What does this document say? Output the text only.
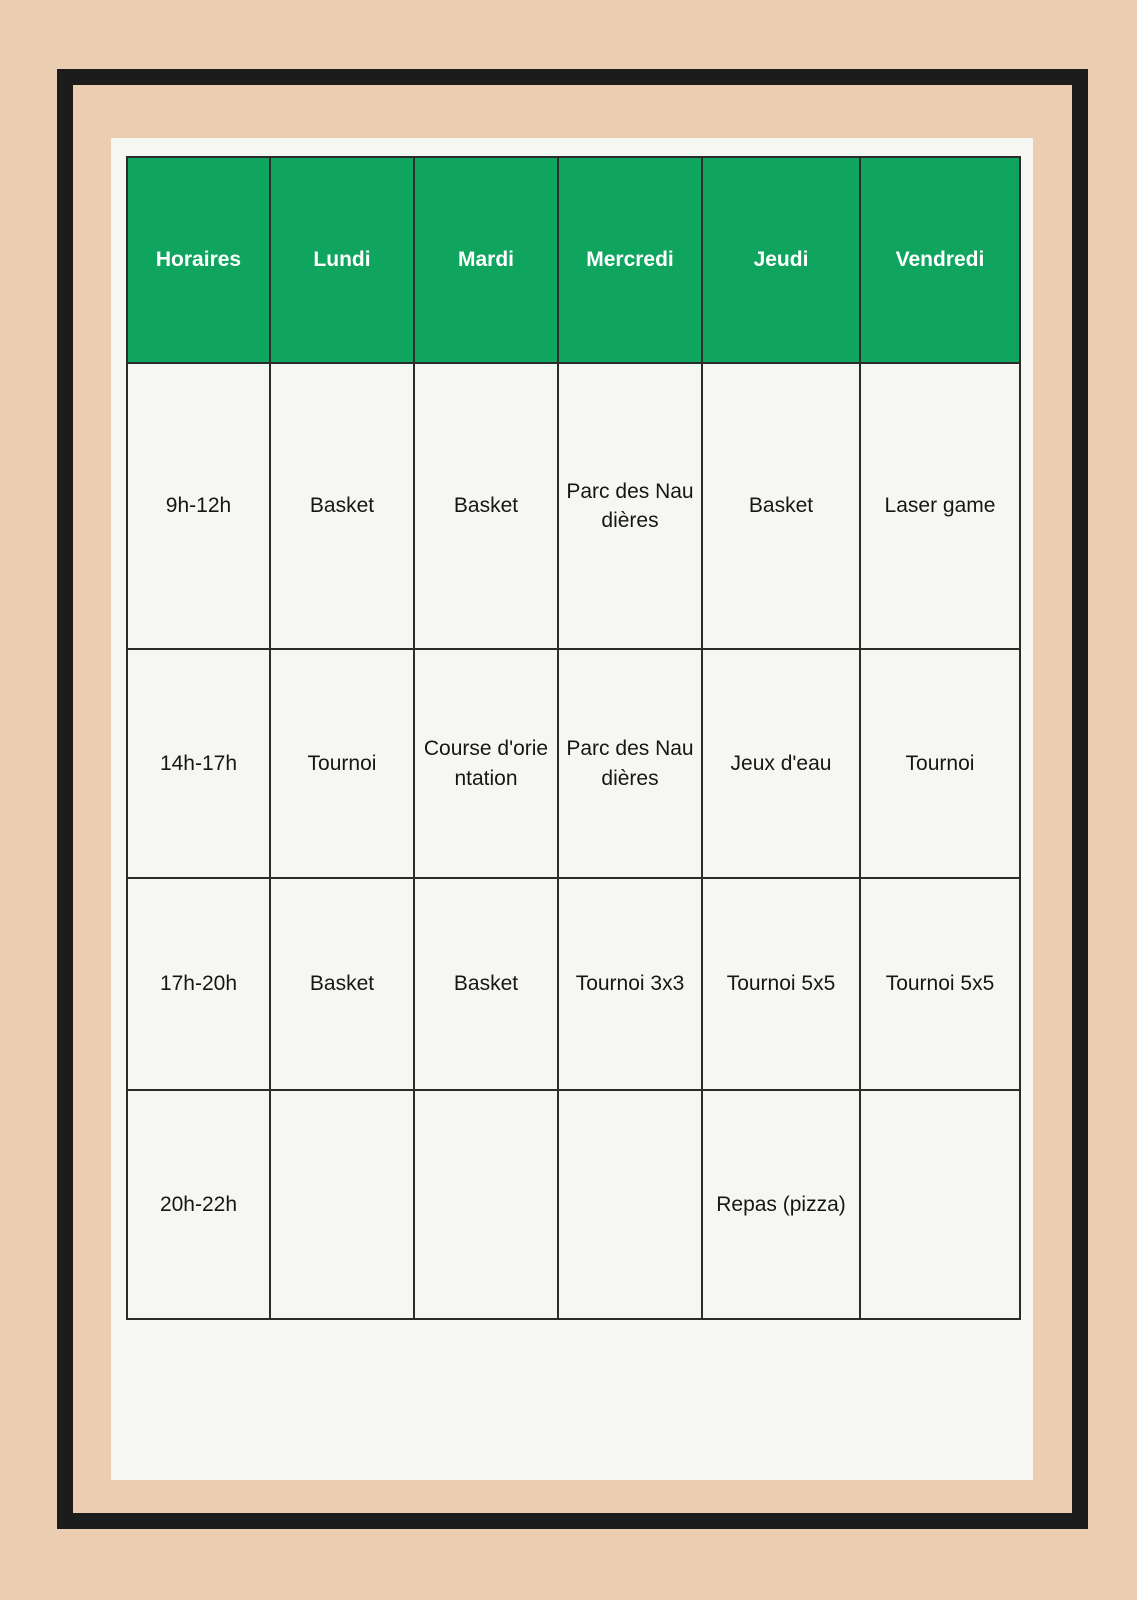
Horaires	Lundi	Mardi	Mercredi	Jeudi	Vendredi
9h-12h	Basket	Basket	Parc des Naudières	Basket	Laser game
14h-17h	Tournoi	Course d'orientation	Parc des Naudières	Jeux d'eau	Tournoi
17h-20h	Basket	Basket	Tournoi 3x3	Tournoi 5x5	Tournoi 5x5
20h-22h				Repas (pizza)	
